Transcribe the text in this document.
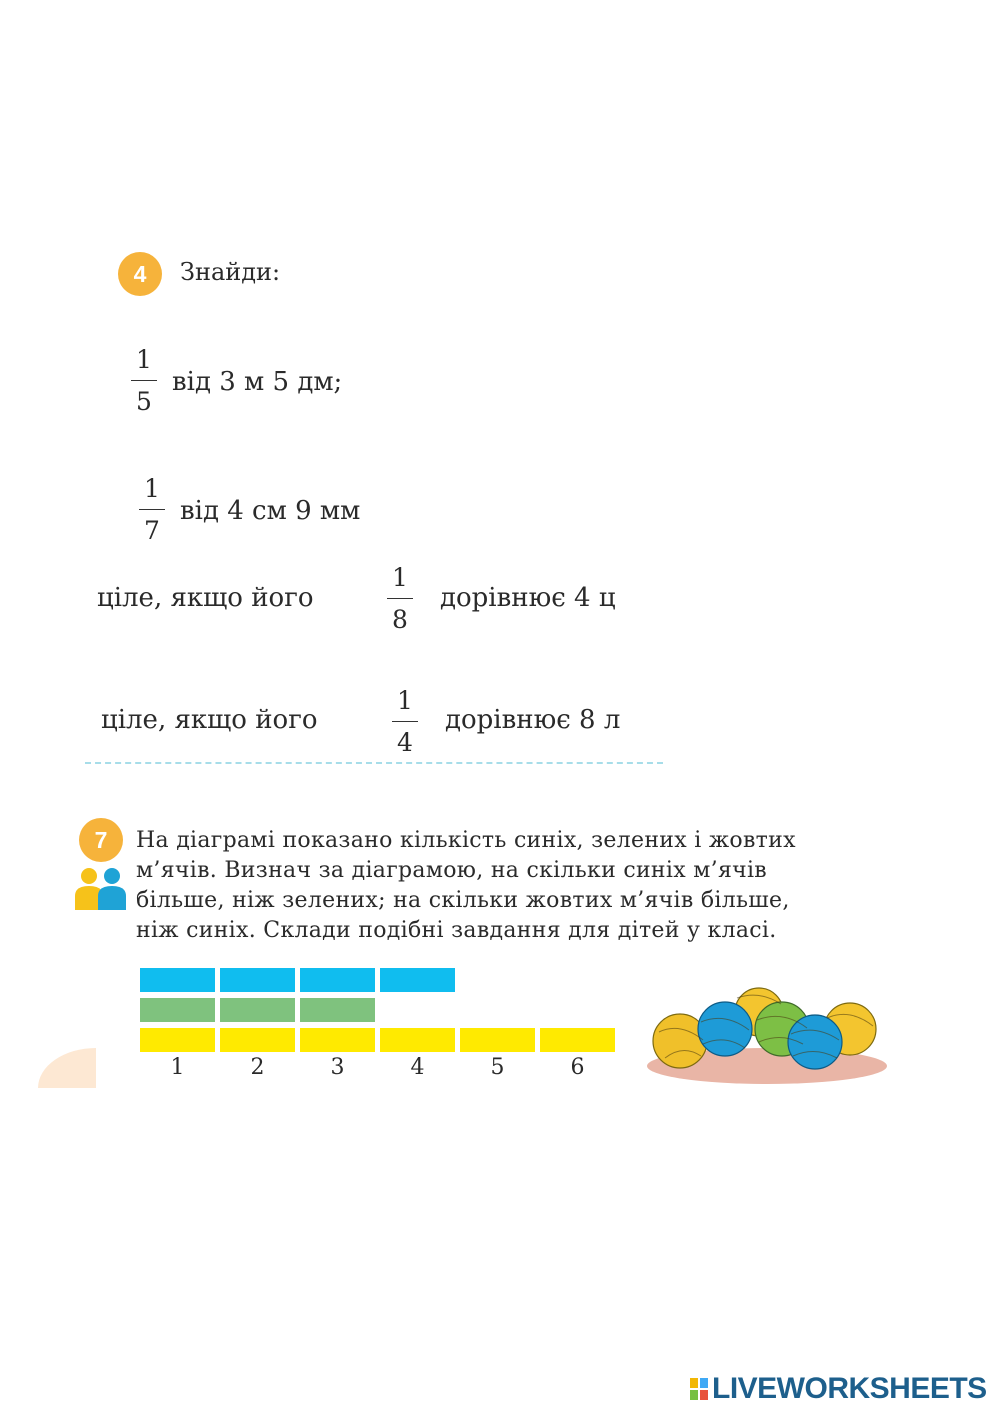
4 Знайди:
1
5
від 3 м 5 дм;
1
7
від 4 см 9 мм
ціле, якщо його
1
8
дорівнює 4 ц
ціле, якщо його
1
4
дорівнює 8 л
7 На діаграмі показано кількість синіх, зелених і жовтих
м’ячів. Визнач за діаграмою, на скільки синіх м’ячів
більше, ніж зелених; на скільки жовтих м’ячів більше,
ніж синіх. Склади подібні завдання для дітей у класі.
LIVEWORKSHEETS
1	2	3	4	5	6
